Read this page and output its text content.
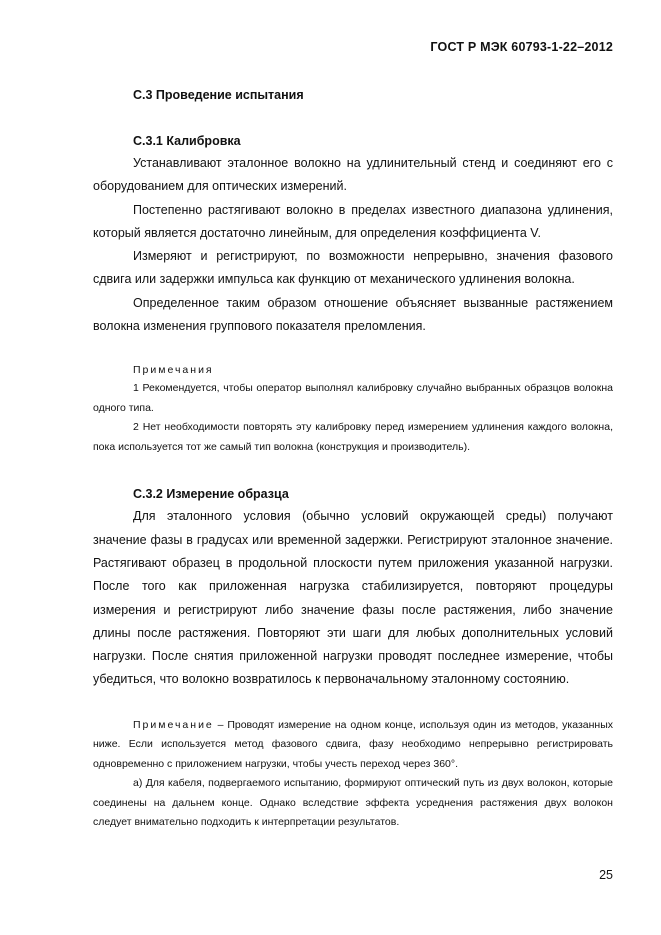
ГОСТ Р МЭК 60793-1-22–2012
С.3 Проведение испытания
С.3.1 Калибровка

Устанавливают эталонное волокно на удлинительный стенд и соединяют его с оборудованием для оптических измерений.

Постепенно растягивают волокно в пределах известного диапазона удлинения, который является достаточно линейным, для определения коэффициента V.

Измеряют и регистрируют, по возможности непрерывно, значения фазового сдвига или задержки импульса как функцию от механического удлинения волокна.

Определенное таким образом отношение объясняет вызванные растяжением волокна изменения группового показателя преломления.

Примечания

1 Рекомендуется, чтобы оператор выполнял калибровку случайно выбранных образцов волокна одного типа.

2 Нет необходимости повторять эту калибровку перед измерением удлинения каждого волокна, пока используется тот же самый тип волокна (конструкция и производитель).

С.3.2 Измерение образца

Для эталонного условия (обычно условий окружающей среды) получают значение фазы в градусах или временной задержки. Регистрируют эталонное значение. Растягивают образец в продольной плоскости путем приложения указанной нагрузки. После того как приложенная нагрузка стабилизируется, повторяют процедуры измерения и регистрируют либо значение фазы после растяжения, либо значение длины после растяжения. Повторяют эти шаги для любых дополнительных условий нагрузки. После снятия приложенной нагрузки проводят последнее измерение, чтобы убедиться, что волокно возвратилось к первоначальному эталонному состоянию.

Примечание – Проводят измерение на одном конце, используя один из методов, указанных ниже. Если используется метод фазового сдвига, фазу необходимо непрерывно регистрировать одновременно с приложением нагрузки, чтобы учесть переход через 360°.

а) Для кабеля, подвергаемого испытанию, формируют оптический путь из двух волокон, которые соединены на дальнем конце. Однако вследствие эффекта усреднения растяжения двух волокон следует внимательно подходить к интерпретации результатов.

25
